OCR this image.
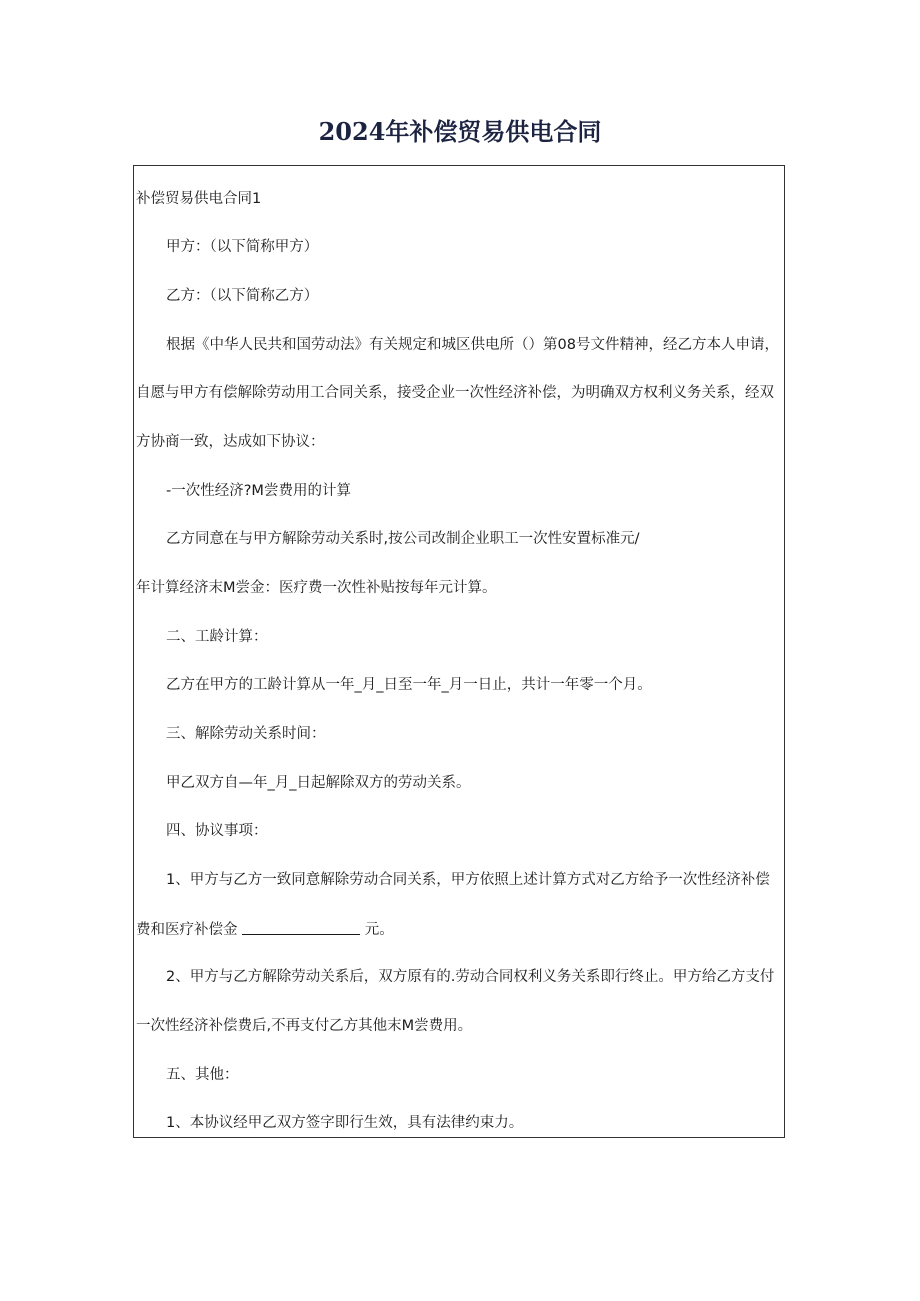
2024年补偿贸易供电合同
补偿贸易供电合同1
甲方：（以下简称甲方）
乙方：（以下简称乙方）
根据《中华人民共和国劳动法》有关规定和城区供电所（）第08号文件精神，经乙方本人申请，
自愿与甲方有偿解除劳动用工合同关系，接受企业一次性经济补偿，为明确双方权利义务关系，经双
方协商一致，达成如下协议：
-一次性经济?M尝费用的计算
乙方同意在与甲方解除劳动关系时,按公司改制企业职工一次性安置标准元/
年计算经济末M尝金：医疗费一次性补贴按每年元计算。
二、工龄计算：
乙方在甲方的工龄计算从一年_月_日至一年_月一日止，共计一年零一个月。
三、解除劳动关系时间：
甲乙双方自—年_月_日起解除双方的劳动关系。
四、协议事项：
1、甲方与乙方一致同意解除劳动合同关系，甲方依照上述计算方式对乙方给予一次性经济补偿
费和医疗补偿金	元。
2、甲方与乙方解除劳动关系后，双方原有的.劳动合同权利义务关系即行终止。甲方给乙方支付
一次性经济补偿费后,不再支付乙方其他末M尝费用。
五、其他：
1、本协议经甲乙双方签字即行生效，具有法律约束力。
